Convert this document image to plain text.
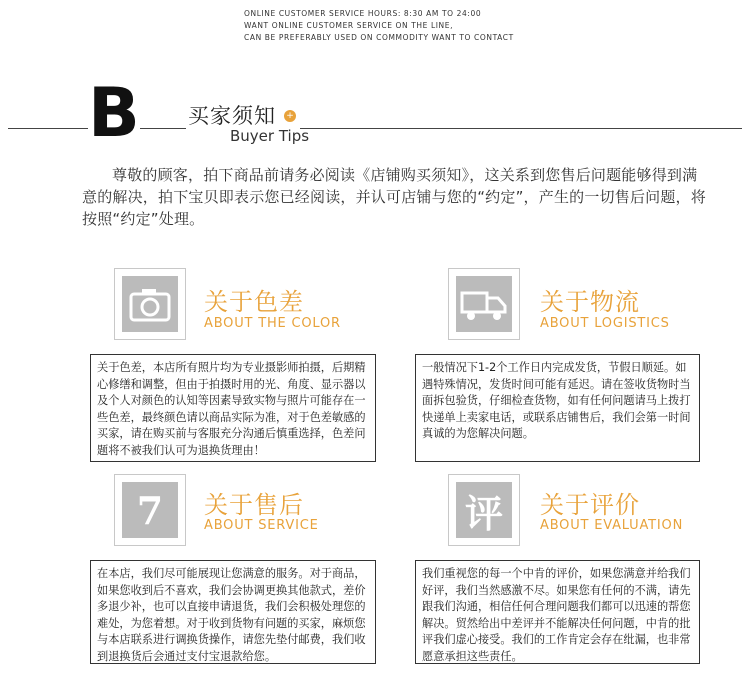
ONLINE CUSTOMER SERVICE HOURS: 8:30 AM TO 24:00
WANT ONLINE CUSTOMER SERVICE ON THE LINE,
CAN BE PREFERABLY USED ON COMMODITY WANT TO CONTACT
B 买家须知 +
Buyer Tips
尊敬的顾客，拍下商品前请务必阅读《店铺购买须知》，这关系到您售后问题能够得到满意的解决，拍下宝贝即表示您已经阅读，并认可店铺与您的“约定”，产生的一切售后问题，将按照“约定”处理。
关于色差
ABOUT THE COLOR
关于色差，本店所有照片均为专业摄影师拍摄，后期精心修缮和调整，但由于拍摄时用的光、角度、显示器以及个人对颜色的认知等因素导致实物与照片可能存在一些色差，最终颜色请以商品实际为准，对于色差敏感的买家，请在购买前与客服充分沟通后慎重选择，色差问题将不被我们认可为退换货理由！
关于物流
ABOUT LOGISTICS
一般情况下1-2个工作日内完成发货，节假日顺延。如遇特殊情况，发货时间可能有延迟。请在签收货物时当面拆包验货，仔细检查货物，如有任何问题请马上拨打快递单上卖家电话，或联系店铺售后，我们会第一时间真诚的为您解决问题。
7	关于售后
ABOUT SERVICE
在本店，我们尽可能展现让您满意的服务。对于商品，如果您收到后不喜欢，我们会协调更换其他款式，差价多退少补，也可以直接申请退货，我们会积极处理您的难处，为您着想。对于收到货物有问题的买家，麻烦您与本店联系进行调换货操作，请您先垫付邮费，我们收到退换货后会通过支付宝退款给您。
评	关于评价
ABOUT EVALUATION
我们重视您的每一个中肯的评价，如果您满意并给我们好评，我们当然感激不尽。如果您有任何的不满，请先跟我们沟通，相信任何合理问题我们都可以迅速的帮您解决。贸然给出中差评并不能解决任何问题，中肯的批评我们虚心接受。我们的工作肯定会存在纰漏，也非常愿意承担这些责任。
